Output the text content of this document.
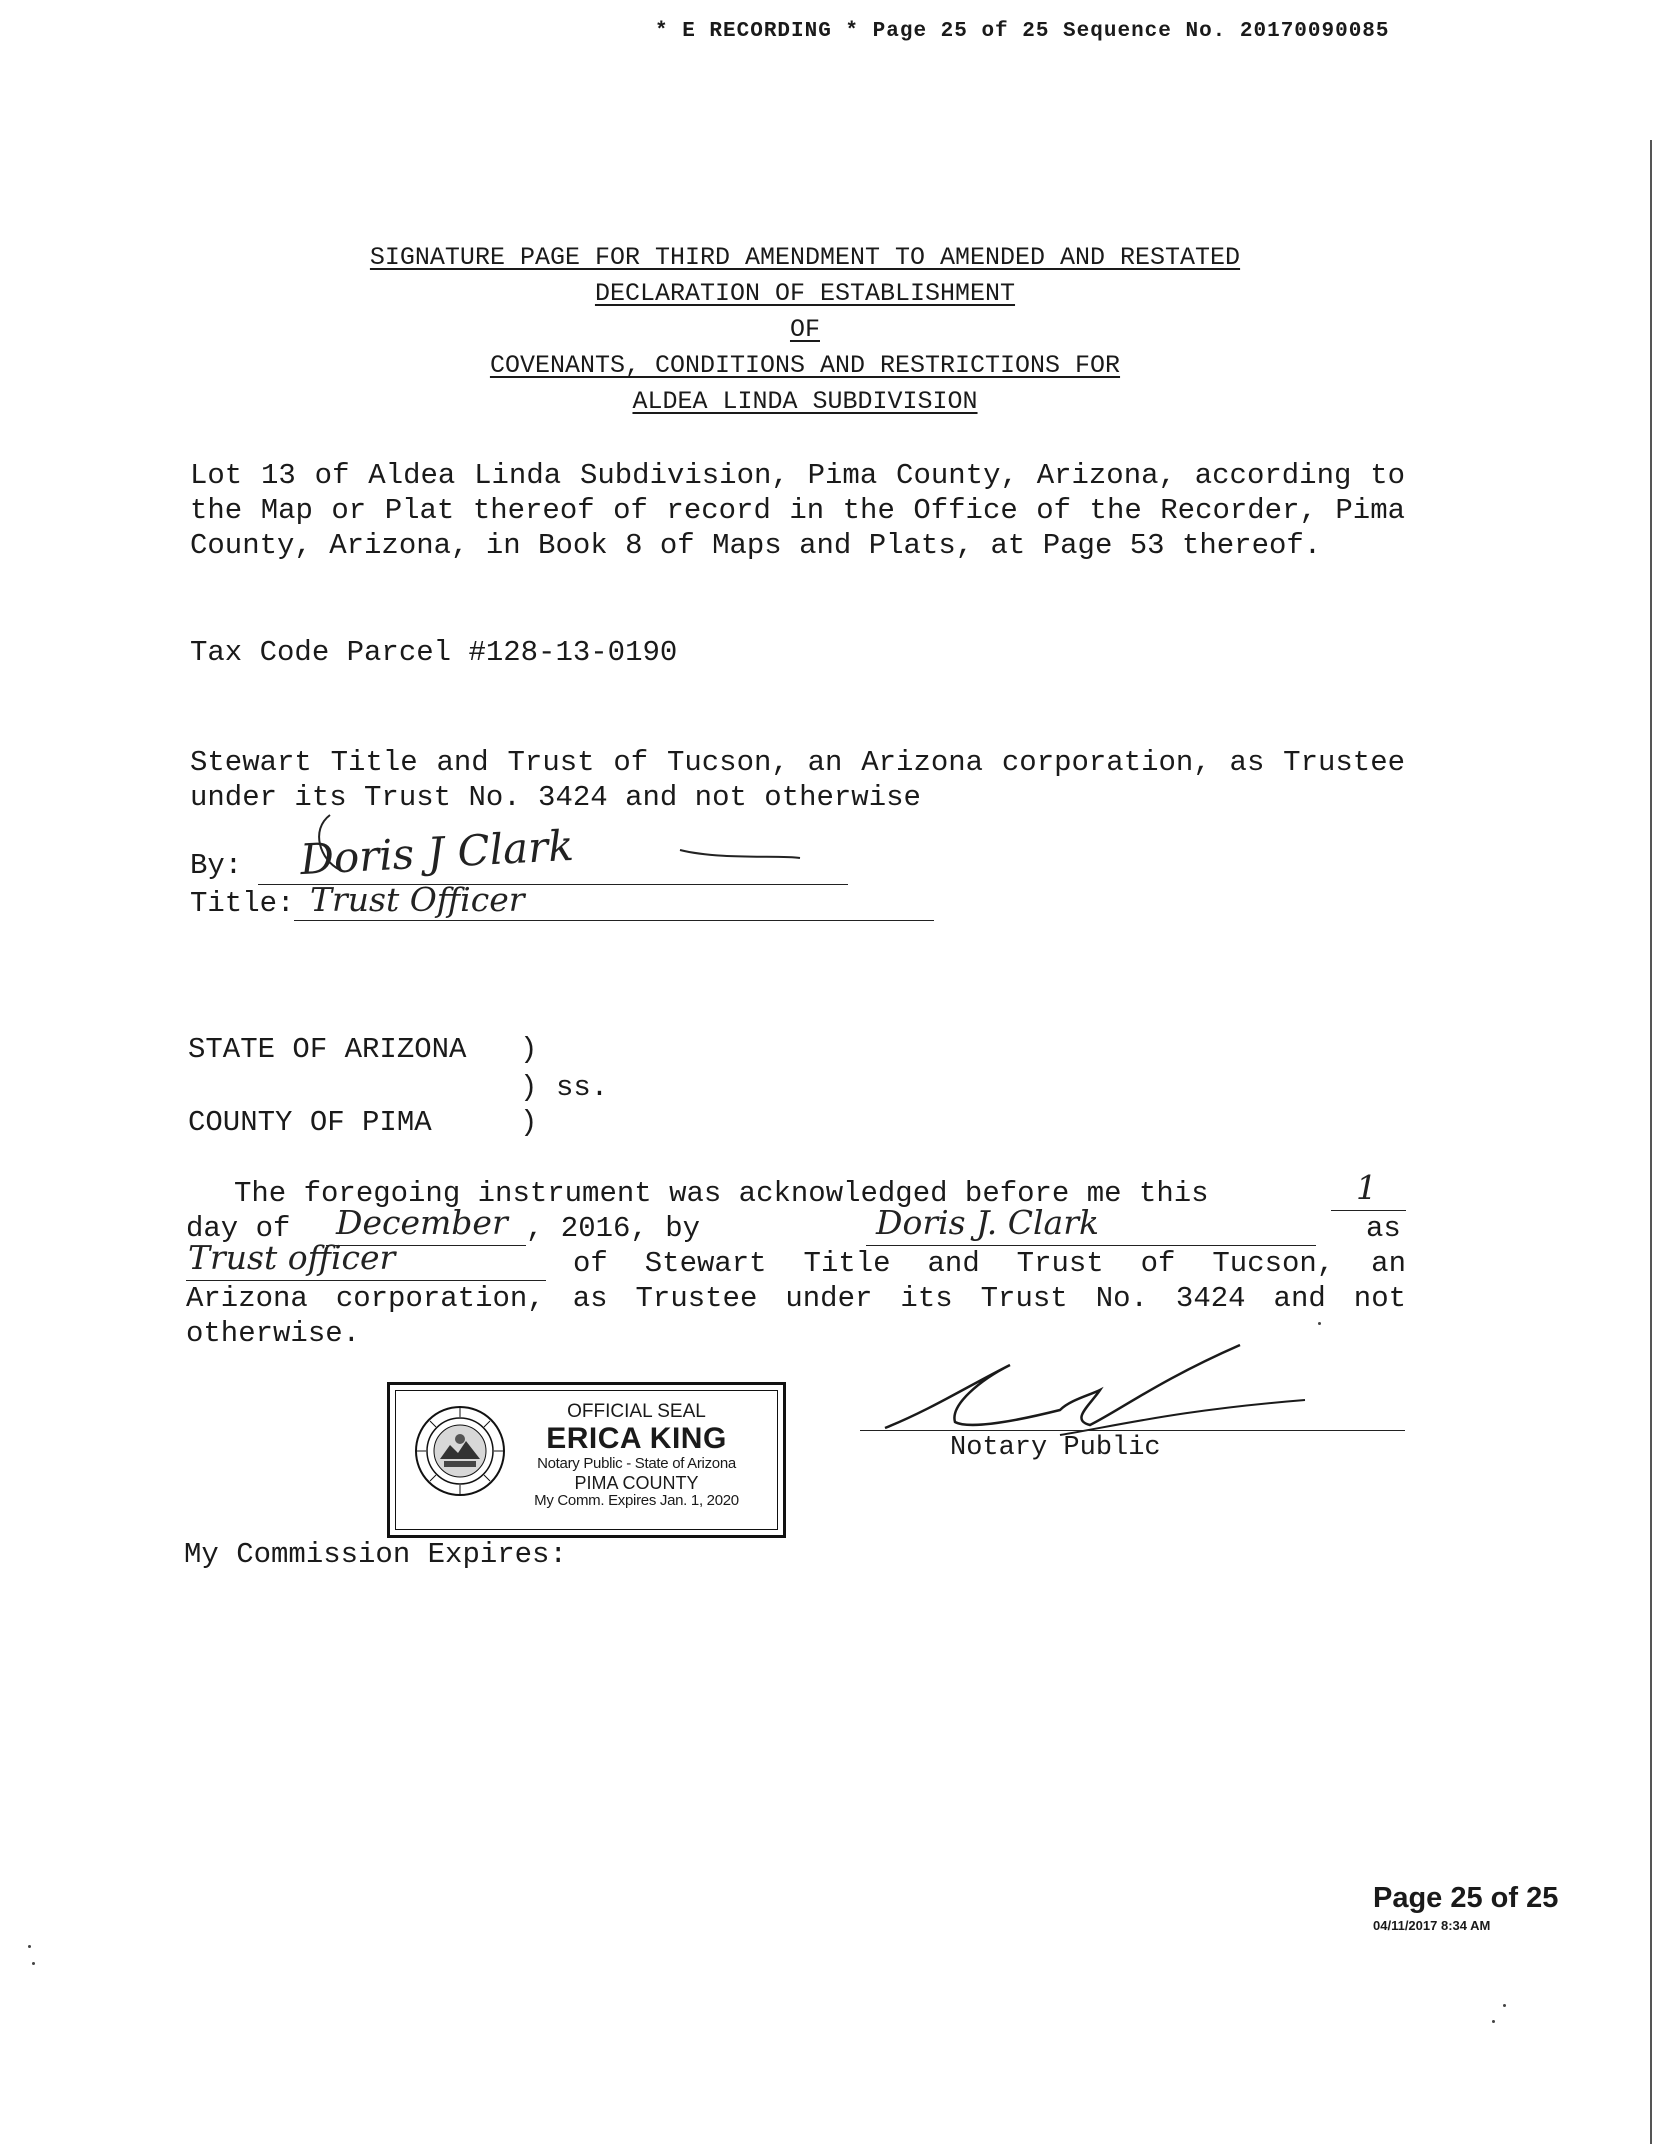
* E RECORDING * Page 25 of 25 Sequence No. 20170090085
SIGNATURE PAGE FOR THIRD AMENDMENT TO AMENDED AND RESTATED
DECLARATION OF ESTABLISHMENT
OF
COVENANTS, CONDITIONS AND RESTRICTIONS FOR
ALDEA LINDA SUBDIVISION
Lot 13 of Aldea Linda Subdivision, Pima County, Arizona, according to the Map or Plat thereof of record in the Office of the Recorder, Pima County, Arizona, in Book 8 of Maps and Plats, at Page 53 thereof.
Tax Code Parcel #128-13-0190
Stewart Title and Trust of Tucson, an Arizona corporation, as Trustee under its Trust No. 3424 and not otherwise
By: Doris J Clark
Title: Trust Officer
STATE OF ARIZONA )
) ss.
COUNTY OF PIMA	)
The foregoing instrument was acknowledged before me this	1
day of December , 2016, by	Doris J. Clark	as
Trust officer	of Stewart Title and Trust of Tucson, an
Arizona corporation, as Trustee under its Trust No. 3424 and not
otherwise.
OFFICIAL SEAL
ERICA KING
Notary Public - State of Arizona
PIMA COUNTY
My Comm. Expires Jan. 1, 2020
Notary Public
My Commission Expires:
Page 25 of 25
04/11/2017 8:34 AM
